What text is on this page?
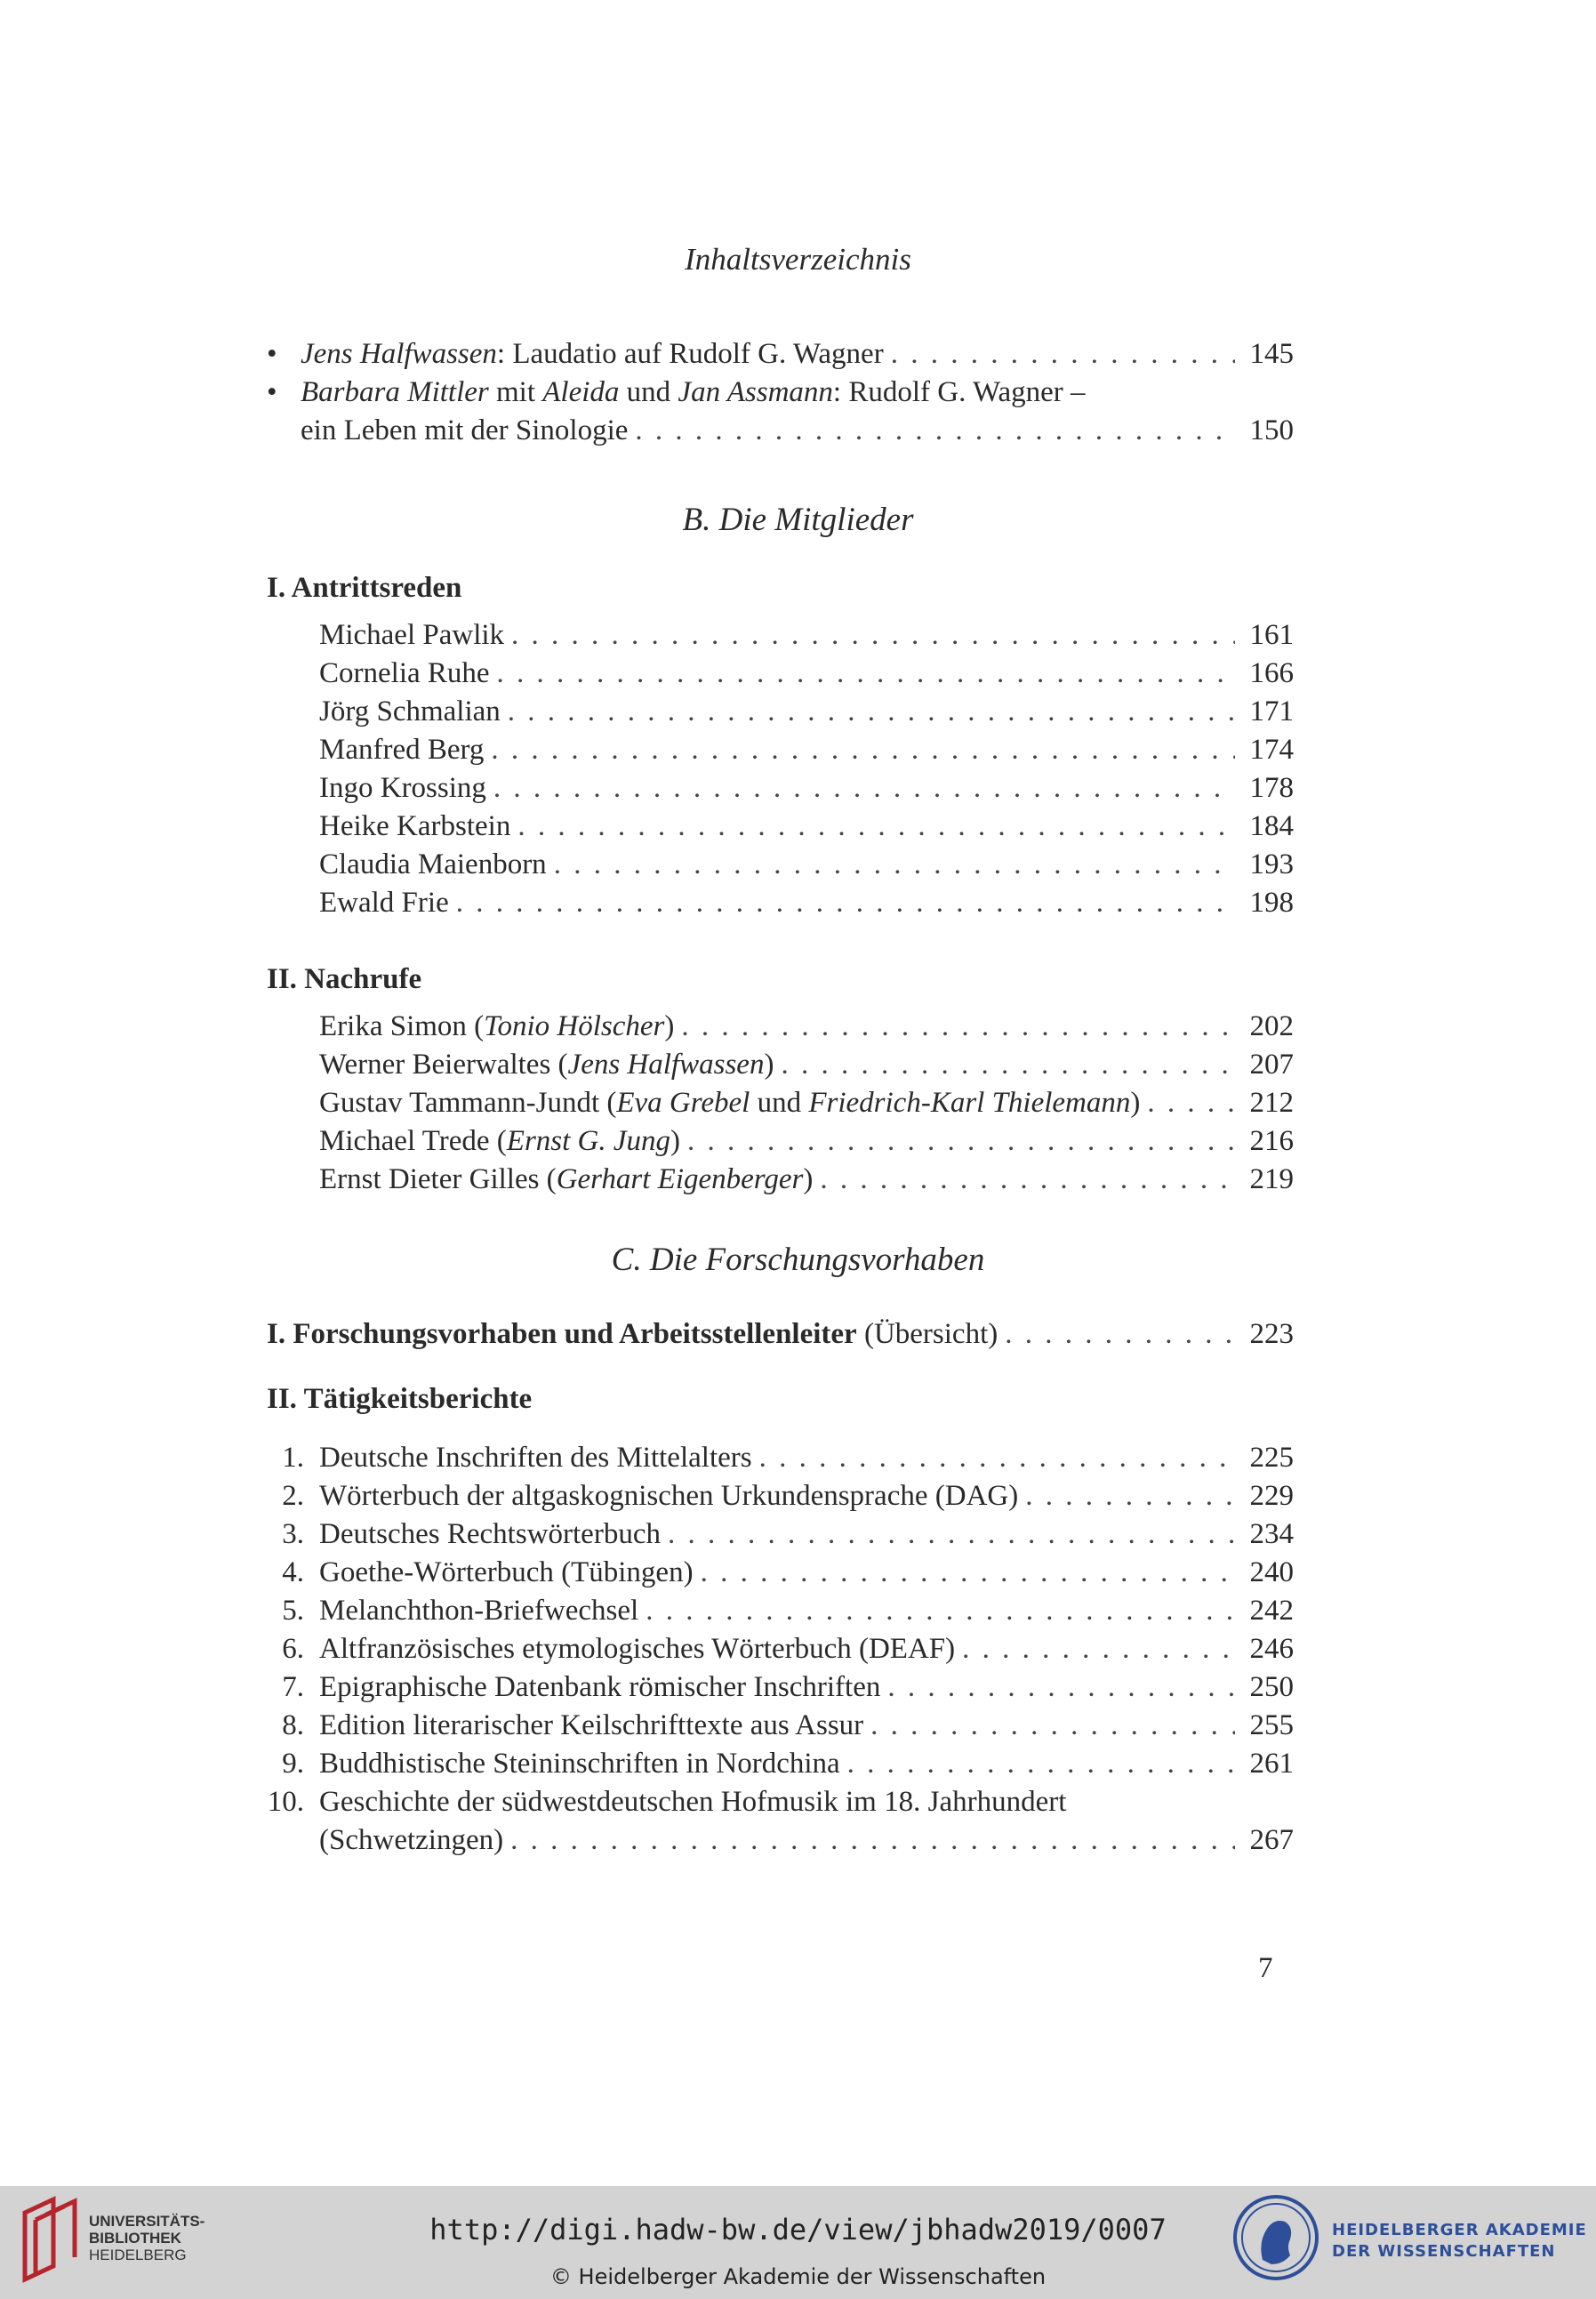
Inhaltsverzeichnis
• Jens Halfwassen: Laudatio auf Rudolf G. Wagner . . .	145
• Barbara Mittler mit Aleida und Jan Assmann: Rudolf G. Wagner –
ein Leben mit der Sinologie . . .	150
B. Die Mitglieder
I. Antrittsreden
Michael Pawlik . . .	161
Cornelia Ruhe . . .	166
Jörg Schmalian . . .	171
Manfred Berg . . .	174
Ingo Krossing . . .	178
Heike Karbstein . . .	184
Claudia Maienborn . . .	193
Ewald Frie . . .	198
II. Nachrufe
Erika Simon (Tonio Hölscher) . . .	202
Werner Beierwaltes (Jens Halfwassen) . . .	207
Gustav Tammann-Jundt (Eva Grebel und Friedrich-Karl Thielemann) . . .	212
Michael Trede (Ernst G. Jung) . . .	216
Ernst Dieter Gilles (Gerhart Eigenberger) . . .	219
C. Die Forschungsvorhaben
I. Forschungsvorhaben und Arbeitsstellenleiter (Übersicht) . . .	223
II. Tätigkeitsberichte
1. Deutsche Inschriften des Mittelalters . . .	225
2. Wörterbuch der altgaskognischen Urkundensprache (DAG) . . .	229
3. Deutsches Rechtswörterbuch . . .	234
4. Goethe-Wörterbuch (Tübingen) . . .	240
5. Melanchthon-Briefwechsel . . .	242
6. Altfranzösisches etymologisches Wörterbuch (DEAF) . . .	246
7. Epigraphische Datenbank römischer Inschriften . . .	250
8. Edition literarischer Keilschrifttexte aus Assur . . .	255
9. Buddhistische Steininschriften in Nordchina . . .	261
10. Geschichte der südwestdeutschen Hofmusik im 18. Jahrhundert
(Schwetzingen) . . .	267
7
UNIVERSITÄTS-
BIBLIOTHEK
HEIDELBERG
http://digi.hadw-bw.de/view/jbhadw2019/0007
© Heidelberger Akademie der Wissenschaften
HEIDELBERGER AKADEMIE
DER WISSENSCHAFTEN
